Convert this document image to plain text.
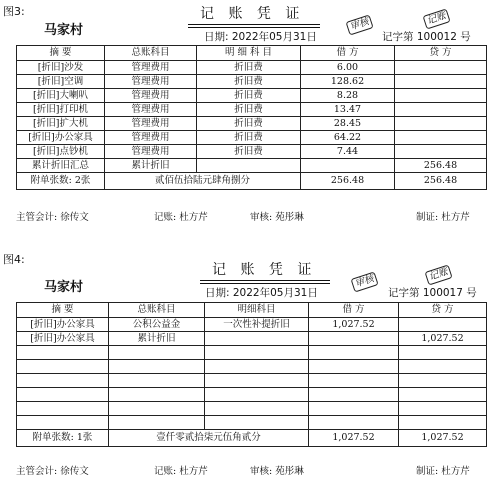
图3:
马家村
记 账 凭 证
日期: 2022年05月31日
审核	记账
记字第 100012 号
摘 要	总账科目	明 细 科 目	借 方	贷 方
[折旧]沙发	管理费用	折旧费	6.00	
[折旧]空调	管理费用	折旧费	128.62	
[折旧]大喇叭	管理费用	折旧费	8.28	
[折旧]打印机	管理费用	折旧费	13.47	
[折旧]扩大机	管理费用	折旧费	28.45	
[折旧]办公家具	管理费用	折旧费	64.22	
[折旧]点钞机	管理费用	折旧费	7.44	
累计折旧汇总	累计折旧			256.48
附单张数: 2张	贰佰伍拾陆元肆角捌分		256.48	256.48
主管会计: 徐传文	记账: 杜方芹	审核: 苑彤琳	制证: 杜方芹
图4:
马家村
记 账 凭 证
日期: 2022年05月31日
审核	记账
记字第 100017 号
摘 要	总账科目	明细科目	借 方	贷 方
[折旧]办公家具	公积公益金	一次性补提折旧	1,027.52	
[折旧]办公家具	累计折旧			1,027.52

附单张数: 1张	壹仟零贰拾柒元伍角贰分		1,027.52	1,027.52
主管会计: 徐传文	记账: 杜方芹	审核: 苑彤琳	制证: 杜方芹
